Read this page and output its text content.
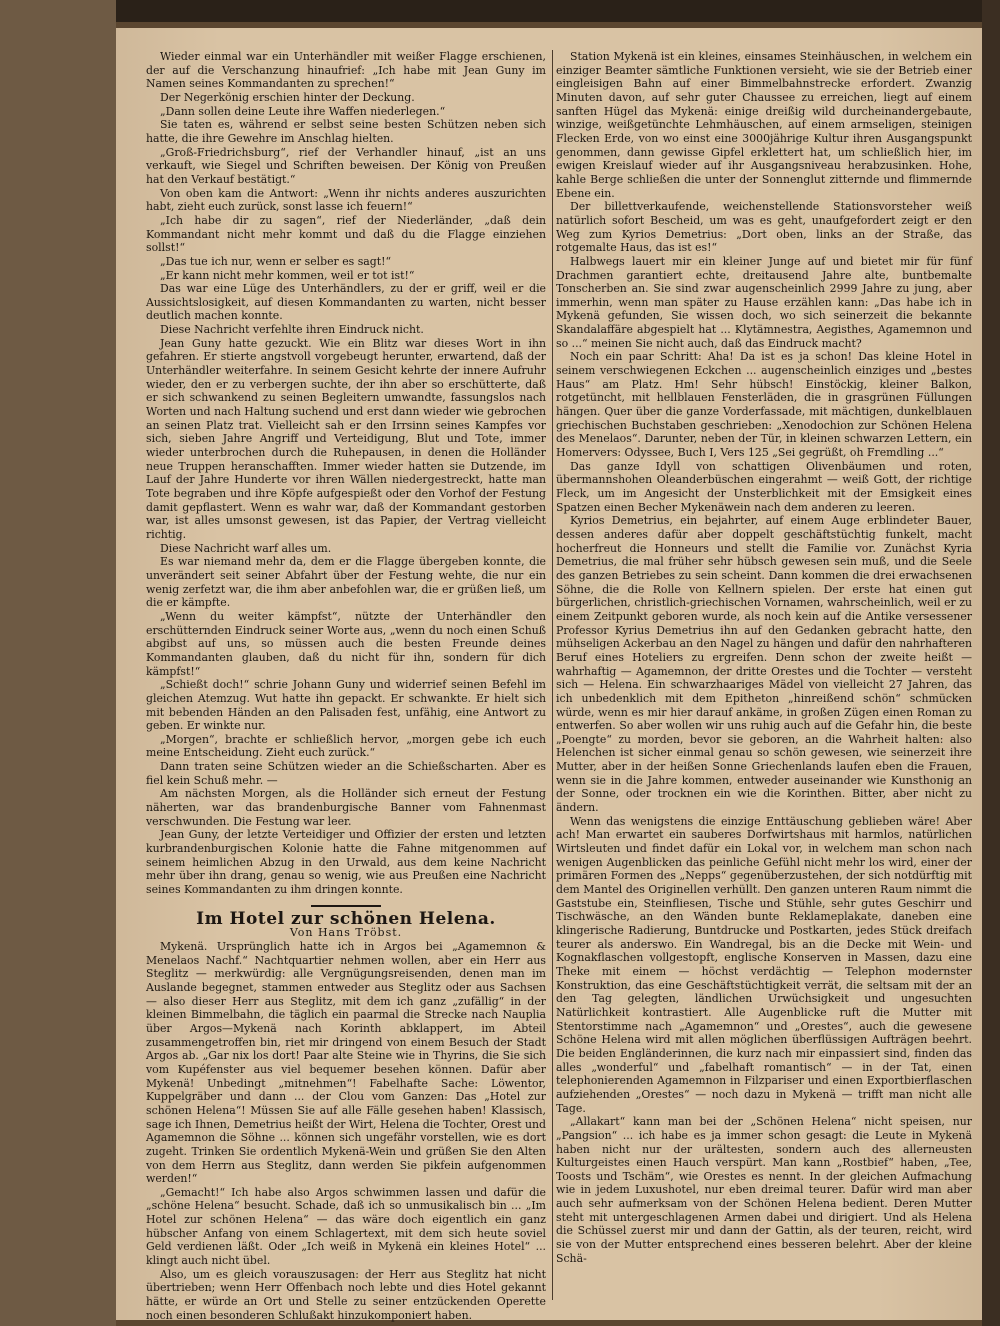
Wieder einmal war ein Unterhändler mit weißer Flagge erschienen, der auf die Verschanzung hinaufrief: „Ich habe mit Jean Guny im Namen seines Kommandanten zu sprechen!“

Der Negerkönig erschien hinter der Deckung.

„Dann sollen deine Leute ihre Waffen niederlegen.“

Sie taten es, während er selbst seine besten Schützen neben sich hatte, die ihre Gewehre im Anschlag hielten.

„Groß-Friedrichsburg“, rief der Verhandler hinauf, „ist an uns verkauft, wie Siegel und Schriften beweisen. Der König von Preußen hat den Verkauf bestätigt.“

Von oben kam die Antwort: „Wenn ihr nichts anderes auszurichten habt, zieht euch zurück, sonst lasse ich feuern!“

„Ich habe dir zu sagen“, rief der Niederländer, „daß dein Kommandant nicht mehr kommt und daß du die Flagge einziehen sollst!“

„Das tue ich nur, wenn er selber es sagt!“

„Er kann nicht mehr kommen, weil er tot ist!“

Das war eine Lüge des Unterhändlers, zu der er griff, weil er die Aussichtslosigkeit, auf diesen Kommandanten zu warten, nicht besser deutlich machen konnte.

Diese Nachricht verfehlte ihren Eindruck nicht.

Jean Guny hatte gezuckt. Wie ein Blitz war dieses Wort in ihn gefahren. Er stierte angstvoll vorgebeugt herunter, erwartend, daß der Unterhändler weiterfahre. In seinem Gesicht kehrte der innere Aufruhr wieder, den er zu verbergen suchte, der ihn aber so erschütterte, daß er sich schwankend zu seinen Begleitern umwandte, fassungslos nach Worten und nach Haltung suchend und erst dann wieder wie gebrochen an seinen Platz trat. Vielleicht sah er den Irrsinn seines Kampfes vor sich, sieben Jahre Angriff und Verteidigung, Blut und Tote, immer wieder unterbrochen durch die Ruhepausen, in denen die Holländer neue Truppen heranschafften. Immer wieder hatten sie Dutzende, im Lauf der Jahre Hunderte vor ihren Wällen niedergestreckt, hatte man Tote begraben und ihre Köpfe aufgespießt oder den Vorhof der Festung damit gepflastert. Wenn es wahr war, daß der Kommandant gestorben war, ist alles umsonst gewesen, ist das Papier, der Vertrag vielleicht richtig.

Diese Nachricht warf alles um.

Es war niemand mehr da, dem er die Flagge übergeben konnte, die unverändert seit seiner Abfahrt über der Festung wehte, die nur ein wenig zerfetzt war, die ihm aber anbefohlen war, die er grüßen ließ, um die er kämpfte.

„Wenn du weiter kämpfst“, nützte der Unterhändler den erschütternden Eindruck seiner Worte aus, „wenn du noch einen Schuß abgibst auf uns, so müssen auch die besten Freunde deines Kommandanten glauben, daß du nicht für ihn, sondern für dich kämpfst!“

„Schießt doch!“ schrie Johann Guny und widerrief seinen Befehl im gleichen Atemzug. Wut hatte ihn gepackt. Er schwankte. Er hielt sich mit bebenden Händen an den Palisaden fest, unfähig, eine Antwort zu geben. Er winkte nur.

„Morgen“, brachte er schließlich hervor, „morgen gebe ich euch meine Entscheidung. Zieht euch zurück.“

Dann traten seine Schützen wieder an die Schießscharten. Aber es fiel kein Schuß mehr. —

Am nächsten Morgen, als die Holländer sich erneut der Festung näherten, war das brandenburgische Banner vom Fahnenmast verschwunden. Die Festung war leer.

Jean Guny, der letzte Verteidiger und Offizier der ersten und letzten kurbrandenburgischen Kolonie hatte die Fahne mitgenommen auf seinem heimlichen Abzug in den Urwald, aus dem keine Nachricht mehr über ihn drang, genau so wenig, wie aus Preußen eine Nachricht seines Kommandanten zu ihm dringen konnte.

Im Hotel zur schönen Helena.

Von Hans Tröbst.

Mykenä. Ursprünglich hatte ich in Argos bei „Agamemnon & Menelaos Nachf.“ Nachtquartier nehmen wollen, aber ein Herr aus Steglitz — merkwürdig: alle Vergnügungsreisenden, denen man im Auslande begegnet, stammen entweder aus Steglitz oder aus Sachsen — also dieser Herr aus Steglitz, mit dem ich ganz „zufällig“ in der kleinen Bimmelbahn, die täglich ein paarmal die Strecke nach Nauplia über Argos—Mykenä nach Korinth abklappert, im Abteil zusammengetroffen bin, riet mir dringend von einem Besuch der Stadt Argos ab. „Gar nix los dort! Paar alte Steine wie in Thyrins, die Sie sich vom Kupéfenster aus viel bequemer besehen können. Dafür aber Mykenä! Unbedingt „mitnehmen“! Fabelhafte Sache: Löwentor, Kuppelgräber und dann ... der Clou vom Ganzen: Das „Hotel zur schönen Helena“! Müssen Sie auf alle Fälle gesehen haben! Klassisch, sage ich Ihnen, Demetrius heißt der Wirt, Helena die Tochter, Orest und Agamemnon die Söhne ... können sich ungefähr vorstellen, wie es dort zugeht. Trinken Sie ordentlich Mykenä-Wein und grüßen Sie den Alten von dem Herrn aus Steglitz, dann werden Sie pikfein aufgenommen werden!“

„Gemacht!“ Ich habe also Argos schwimmen lassen und dafür die „schöne Helena“ besucht. Schade, daß ich so unmusikalisch bin ... „Im Hotel zur schönen Helena“ — das wäre doch eigentlich ein ganz hübscher Anfang von einem Schlagertext, mit dem sich heute soviel Geld verdienen läßt. Oder „Ich weiß in Mykenä ein kleines Hotel“ ... klingt auch nicht übel.

Also, um es gleich vorauszusagen: der Herr aus Steglitz hat nicht übertrieben; wenn Herr Offenbach noch lebte und dies Hotel gekannt hätte, er würde an Ort und Stelle zu seiner entzückenden Operette noch einen besonderen Schlußakt hinzukomponiert haben.

Station Mykenä ist ein kleines, einsames Steinhäuschen, in welchem ein einziger Beamter sämtliche Funktionen versieht, wie sie der Betrieb einer eingleisigen Bahn auf einer Bimmelbahnstrecke erfordert. Zwanzig Minuten davon, auf sehr guter Chaussee zu erreichen, liegt auf einem sanften Hügel das Mykenä: einige dreißig wild durcheinandergebaute, winzige, weißgetünchte Lehmhäuschen, auf einem armseligen, steinigen Flecken Erde, von wo einst eine 3000jährige Kultur ihren Ausgangspunkt genommen, dann gewisse Gipfel erklettert hat, um schließlich hier, im ewigen Kreislauf wieder auf ihr Ausgangsniveau herabzusinken. Hohe, kahle Berge schließen die unter der Sonnenglut zitternde und flimmernde Ebene ein.

Der billettverkaufende, weichenstellende Stationsvorsteher weiß natürlich sofort Bescheid, um was es geht, unaufgefordert zeigt er den Weg zum Kyrios Demetrius: „Dort oben, links an der Straße, das rotgemalte Haus, das ist es!“

Halbwegs lauert mir ein kleiner Junge auf und bietet mir für fünf Drachmen garantiert echte, dreitausend Jahre alte, buntbemalte Tonscherben an. Sie sind zwar augenscheinlich 2999 Jahre zu jung, aber immerhin, wenn man später zu Hause erzählen kann: „Das habe ich in Mykenä gefunden, Sie wissen doch, wo sich seinerzeit die bekannte Skandalaffäre abgespielt hat ... Klytämnestra, Aegisthes, Agamemnon und so ...“ meinen Sie nicht auch, daß das Eindruck macht?

Noch ein paar Schritt: Aha! Da ist es ja schon! Das kleine Hotel in seinem verschwiegenen Eckchen ... augenscheinlich einziges und „bestes Haus“ am Platz. Hm! Sehr hübsch! Einstöckig, kleiner Balkon, rotgetüncht, mit hellblauen Fensterläden, die in grasgrünen Füllungen hängen. Quer über die ganze Vorderfassade, mit mächtigen, dunkelblauen griechischen Buchstaben geschrieben: „Xenodochion zur Schönen Helena des Menelaos“. Darunter, neben der Tür, in kleinen schwarzen Lettern, ein Homervers: Odyssee, Buch I, Vers 125 „Sei gegrüßt, oh Fremdling ...“

Das ganze Idyll von schattigen Olivenbäumen und roten, übermannshohen Oleanderbüschen eingerahmt — weiß Gott, der richtige Fleck, um im Angesicht der Unsterblichkeit mit der Emsigkeit eines Spatzen einen Becher Mykenäwein nach dem anderen zu leeren.

Kyrios Demetrius, ein bejahrter, auf einem Auge erblindeter Bauer, dessen anderes dafür aber doppelt geschäftstüchtig funkelt, macht hocherfreut die Honneurs und stellt die Familie vor. Zunächst Kyria Demetrius, die mal früher sehr hübsch gewesen sein muß, und die Seele des ganzen Betriebes zu sein scheint. Dann kommen die drei erwachsenen Söhne, die die Rolle von Kellnern spielen. Der erste hat einen gut bürgerlichen, christlich-griechischen Vornamen, wahrscheinlich, weil er zu einem Zeitpunkt geboren wurde, als noch kein auf die Antike versessener Professor Kyrius Demetrius ihn auf den Gedanken gebracht hatte, den mühseligen Ackerbau an den Nagel zu hängen und dafür den nahrhafteren Beruf eines Hoteliers zu ergreifen. Denn schon der zweite heißt — wahrhaftig — Agamemnon, der dritte Orestes und die Tochter — versteht sich — Helena. Ein schwarzhaariges Mädel von vielleicht 27 Jahren, das ich unbedenklich mit dem Epitheton „hinreißend schön“ schmücken würde, wenn es mir hier darauf ankäme, in großen Zügen einen Roman zu entwerfen. So aber wollen wir uns ruhig auch auf die Gefahr hin, die beste „Poengte“ zu morden, bevor sie geboren, an die Wahrheit halten: also Helenchen ist sicher einmal genau so schön gewesen, wie seinerzeit ihre Mutter, aber in der heißen Sonne Griechenlands laufen eben die Frauen, wenn sie in die Jahre kommen, entweder auseinander wie Kunsthonig an der Sonne, oder trocknen ein wie die Korinthen. Bitter, aber nicht zu ändern.

Wenn das wenigstens die einzige Enttäuschung geblieben wäre! Aber ach! Man erwartet ein sauberes Dorfwirtshaus mit harmlos, natürlichen Wirtsleuten und findet dafür ein Lokal vor, in welchem man schon nach wenigen Augenblicken das peinliche Gefühl nicht mehr los wird, einer der primären Formen des „Nepps“ gegenüberzustehen, der sich notdürftig mit dem Mantel des Originellen verhüllt. Den ganzen unteren Raum nimmt die Gaststube ein, Steinfliesen, Tische und Stühle, sehr gutes Geschirr und Tischwäsche, an den Wänden bunte Reklameplakate, daneben eine klingerische Radierung, Buntdrucke und Postkarten, jedes Stück dreifach teurer als anderswo. Ein Wandregal, bis an die Decke mit Wein- und Kognakflaschen vollgestopft, englische Konserven in Massen, dazu eine Theke mit einem — höchst verdächtig — Telephon modernster Konstruktion, das eine Geschäftstüchtigkeit verrät, die seltsam mit der an den Tag gelegten, ländlichen Urwüchsigkeit und ungesuchten Natürlichkeit kontrastiert. Alle Augenblicke ruft die Mutter mit Stentorstimme nach „Agamemnon“ und „Orestes“, auch die gewesene Schöne Helena wird mit allen möglichen überflüssigen Aufträgen beehrt. Die beiden Engländerinnen, die kurz nach mir einpassiert sind, finden das alles „wonderful“ und „fabelhaft romantisch“ — in der Tat, einen telephonierenden Agamemnon in Filzpariser und einen Exportbierflaschen aufziehenden „Orestes“ — noch dazu in Mykenä — trifft man nicht alle Tage.

„Allakart“ kann man bei der „Schönen Helena“ nicht speisen, nur „Pangsion“ ... ich habe es ja immer schon gesagt: die Leute in Mykenä haben nicht nur der urältesten, sondern auch des allerneusten Kulturgeistes einen Hauch verspürt. Man kann „Rostbief“ haben, „Tee, Toosts und Tschäm“, wie Orestes es nennt. In der gleichen Aufmachung wie in jedem Luxushotel, nur eben dreimal teurer. Dafür wird man aber auch sehr aufmerksam von der Schönen Helena bedient. Deren Mutter steht mit untergeschlagenen Armen dabei und dirigiert. Und als Helena die Schüssel zuerst mir und dann der Gattin, als der teuren, reicht, wird sie von der Mutter entsprechend eines besseren belehrt. Aber der kleine Schä-
